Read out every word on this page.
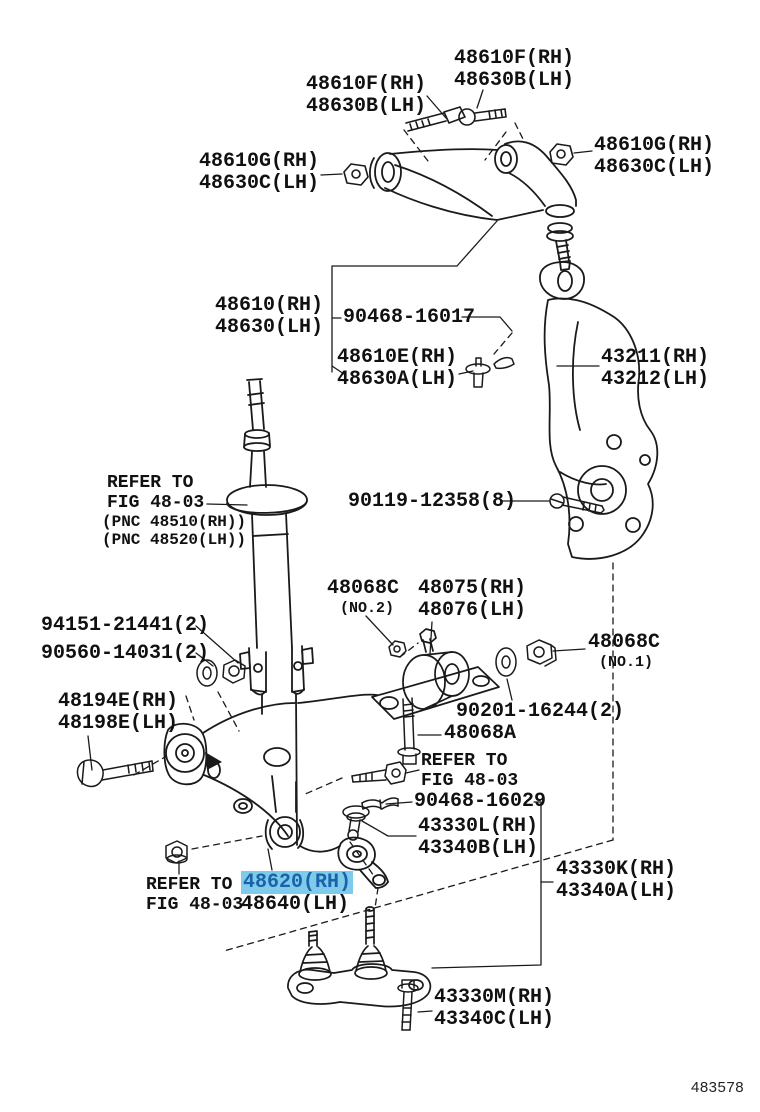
48610F(RH)
48630B(LH)
48610F(RH)
48630B(LH)
48610G(RH)
48630C(LH)
48610G(RH)
48630C(LH)
48610(RH)
48630(LH) 90468-16017
48610E(RH)
48630A(LH)
43211(RH)
43212(LH)
REFER TO
FIG 48-03
(PNC 48510(RH))
(PNC 48520(LH))
90119-12358(8)
48068C
(NO.2)
48075(RH)
48076(LH)
48068C
(NO.1)
94151-21441(2)
90560-14031(2)
48194E(RH)
48198E(LH)
90201-16244(2)
48068A
REFER TO
FIG 48-03
90468-16029
43330L(RH)
43340B(LH)
43330K(RH)
43340A(LH)
REFER TO
FIG 48-03
48620(RH)
48640(LH)
43330M(RH)
43340C(LH)
483578
